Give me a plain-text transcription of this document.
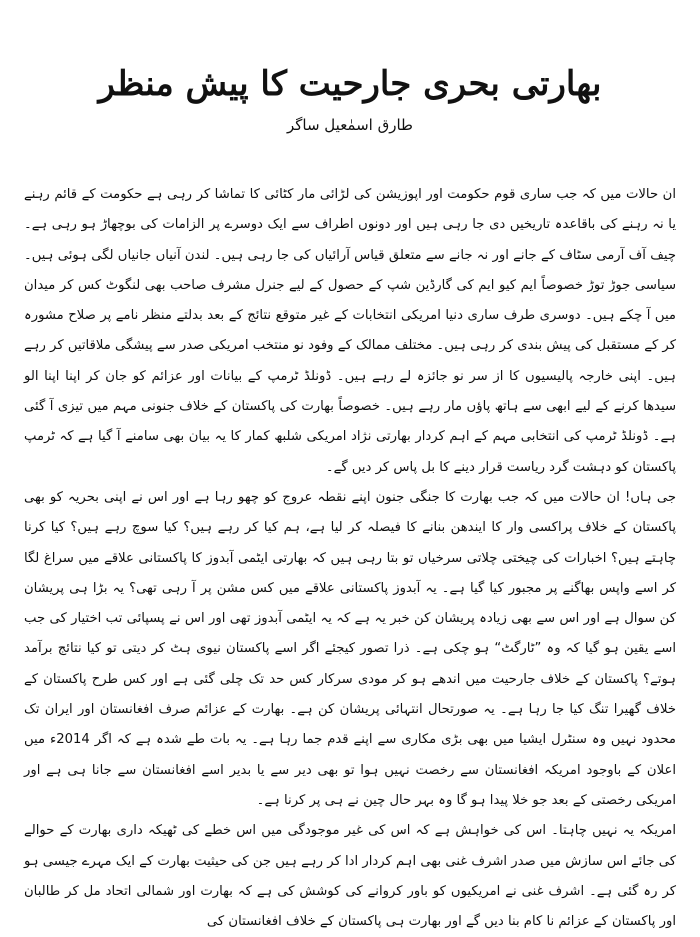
بھارتی بحری جارحیت کا پیش منظر
طارق اسمٰعیل ساگر

ان حالات میں کہ جب ساری قوم حکومت اور اپوزیشن کی لڑائی مار کٹائی کا تماشا کر رہی ہے حکومت کے قائم رہنے یا نہ رہنے کی باقاعدہ تاریخیں دی جا رہی ہیں اور دونوں اطراف سے ایک دوسرے پر الزامات کی بوچھاڑ ہو رہی ہے۔ چیف آف آرمی سٹاف کے جانے اور نہ جانے سے متعلق قیاس آرائیاں کی جا رہی ہیں۔ لندن آنیاں جانیاں لگی ہوئی ہیں۔ سیاسی جوڑ توڑ خصوصاً ایم کیو ایم کی گارڈین شپ کے حصول کے لیے جنرل مشرف صاحب بھی لنگوٹ کس کر میدان میں آ چکے ہیں۔ دوسری طرف ساری دنیا امریکی انتخابات کے غیر متوقع نتائج کے بعد بدلتے منظر نامے پر صلاح مشورہ کر کے مستقبل کی پیش بندی کر رہی ہیں۔ مختلف ممالک کے وفود نو منتخب امریکی صدر سے پیشگی ملاقاتیں کر رہے ہیں۔ اپنی خارجہ پالیسیوں کا از سر نو جائزہ لے رہے ہیں۔ ڈونلڈ ٹرمپ کے بیانات اور عزائم کو جان کر اپنا اپنا الو سیدھا کرنے کے لیے ابھی سے ہاتھ پاؤں مار رہے ہیں۔ خصوصاً بھارت کی پاکستان کے خلاف جنونی مہم میں تیزی آ گئی ہے۔ ڈونلڈ ٹرمپ کی انتخابی مہم کے اہم کردار بھارتی نژاد امریکی شلبھ کمار کا یہ بیان بھی سامنے آ گیا ہے کہ ٹرمپ پاکستان کو دہشت گرد ریاست قرار دینے کا بل پاس کر دیں گے۔

جی ہاں! ان حالات میں کہ جب بھارت کا جنگی جنون اپنے نقطہ عروج کو چھو رہا ہے اور اس نے اپنی بحریہ کو بھی پاکستان کے خلاف پراکسی وار کا ایندھن بنانے کا فیصلہ کر لیا ہے، ہم کیا کر رہے ہیں؟ کیا سوچ رہے ہیں؟ کیا کرنا چاہتے ہیں؟ اخبارات کی چیختی چلاتی سرخیاں تو بتا رہی ہیں کہ بھارتی ایٹمی آبدوز کا پاکستانی علاقے میں سراغ لگا کر اسے واپس بھاگنے پر مجبور کیا گیا ہے۔ یہ آبدوز پاکستانی علاقے میں کس مشن پر آ رہی تھی؟ یہ بڑا ہی پریشان کن سوال ہے اور اس سے بھی زیادہ پریشان کن خبر یہ ہے کہ یہ ایٹمی آبدوز تھی اور اس نے پسپائی تب اختیار کی جب اسے یقین ہو گیا کہ وہ ”ٹارگٹ“ ہو چکی ہے۔ ذرا تصور کیجئے اگر اسے پاکستان نیوی ہٹ کر دیتی تو کیا نتائج برآمد ہوتے؟ پاکستان کے خلاف جارحیت میں اندھے ہو کر مودی سرکار کس حد تک چلی گئی ہے اور کس طرح پاکستان کے خلاف گھیرا تنگ کیا جا رہا ہے۔ یہ صورتحال انتہائی پریشان کن ہے۔ بھارت کے عزائم صرف افغانستان اور ایران تک محدود نہیں وہ سنٹرل ایشیا میں بھی بڑی مکاری سے اپنے قدم جما رہا ہے۔ یہ بات طے شدہ ہے کہ اگر 2014ء میں اعلان کے باوجود امریکہ افغانستان سے رخصت نہیں ہوا تو بھی دیر سے یا بدیر اسے افغانستان سے جانا ہی ہے اور امریکی رخصتی کے بعد جو خلا پیدا ہو گا وہ بہر حال چین نے ہی پر کرنا ہے۔

امریکہ یہ نہیں چاہتا۔ اس کی خواہش ہے کہ اس کی غیر موجودگی میں اس خطے کی ٹھیکہ داری بھارت کے حوالے کی جائے اس سازش میں صدر اشرف غنی بھی اہم کردار ادا کر رہے ہیں جن کی حیثیت بھارت کے ایک مہرے جیسی ہو کر رہ گئی ہے۔ اشرف غنی نے امریکیوں کو باور کروانے کی کوشش کی ہے کہ بھارت اور شمالی اتحاد مل کر طالبان اور پاکستان کے عزائم نا کام بنا دیں گے اور بھارت ہی پاکستان کے خلاف افغانستان کی
